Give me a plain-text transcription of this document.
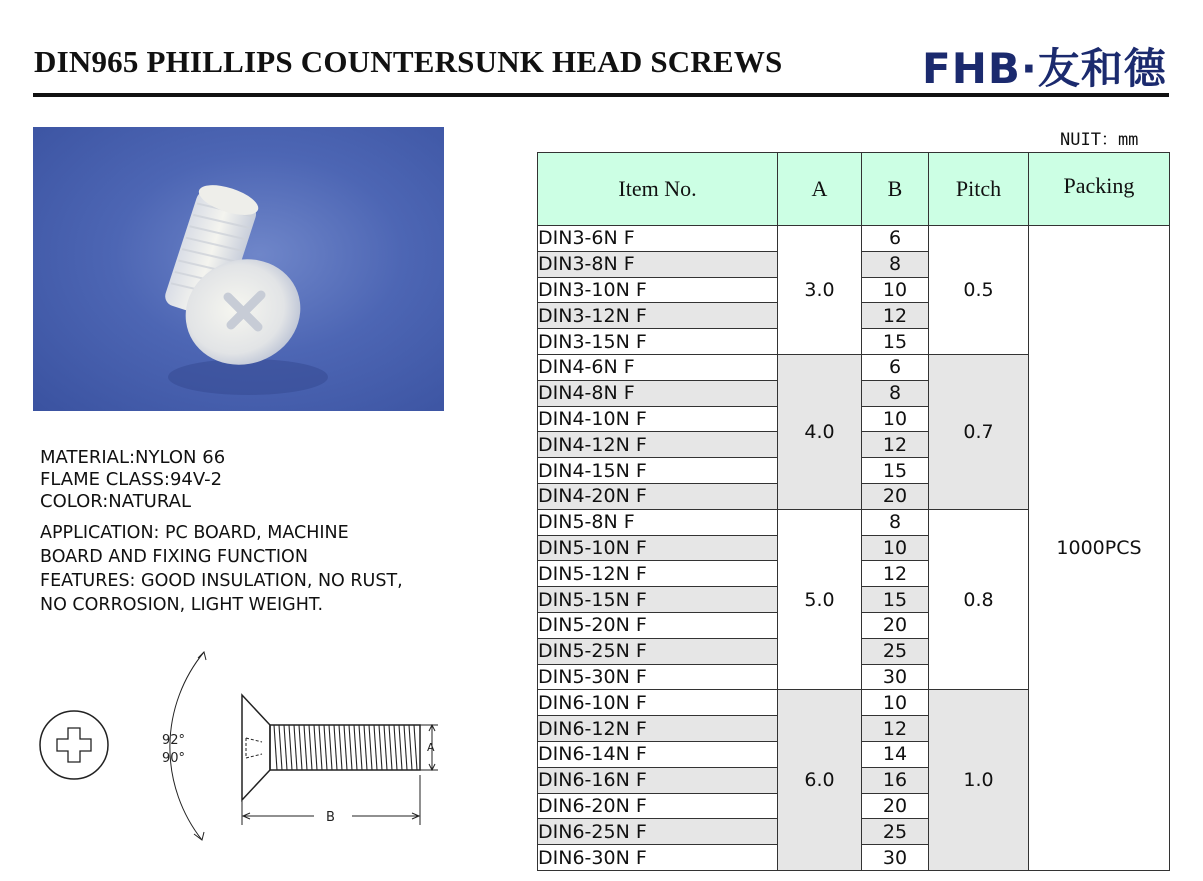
DIN965 PHILLIPS COUNTERSUNK HEAD SCREWS	FHB·友和德
MATERIAL:NYLON 66
FLAME CLASS:94V-2
COLOR:NATURAL
APPLICATION: PC BOARD, MACHINE
BOARD AND FIXING FUNCTION
FEATURES: GOOD INSULATION, NO RUST,
NO CORROSION, LIGHT WEIGHT.
92°
90°
A
B
NUIT：mm
Item No.	A	B	Pitch	Packing
DIN3-6N F	3.0	6	0.5	1000PCS
DIN3-8N F		8		
DIN3-10N F		10		
DIN3-12N F		12		
DIN3-15N F		15		
DIN4-6N F	4.0	6	0.7	
DIN4-8N F		8		
DIN4-10N F		10		
DIN4-12N F		12		
DIN4-15N F		15		
DIN4-20N F		20		
DIN5-8N F	5.0	8	0.8	
DIN5-10N F		10		
DIN5-12N F		12		
DIN5-15N F		15		
DIN5-20N F		20		
DIN5-25N F		25		
DIN5-30N F		30		
DIN6-10N F	6.0	10	1.0	
DIN6-12N F		12		
DIN6-14N F		14		
DIN6-16N F		16		
DIN6-20N F		20		
DIN6-25N F		25		
DIN6-30N F		30		
